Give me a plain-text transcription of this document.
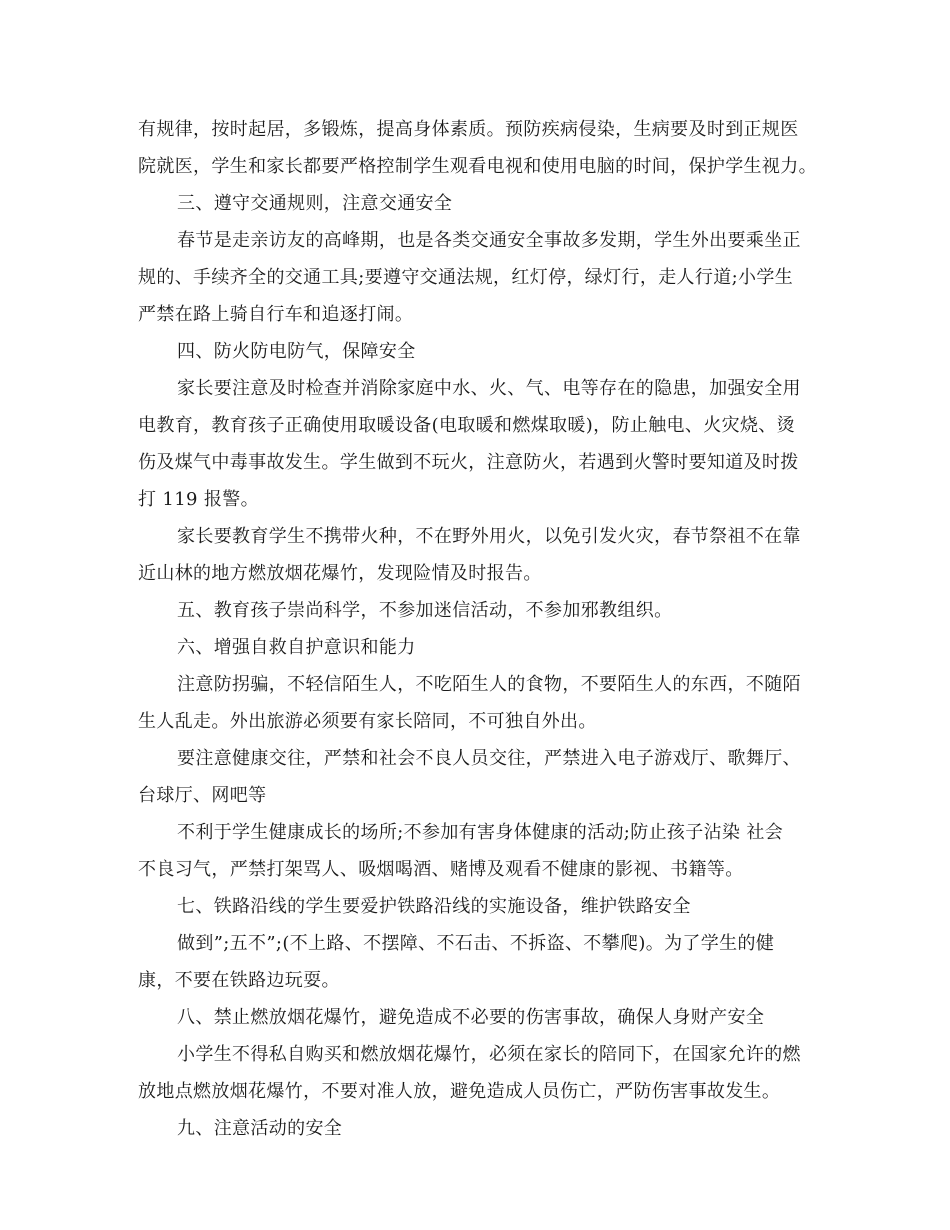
有规律，按时起居，多锻炼，提高身体素质。预防疾病侵染，生病要及时到正规医
院就医，学生和家长都要严格控制学生观看电视和使用电脑的时间，保护学生视力。
三、遵守交通规则，注意交通安全
春节是走亲访友的高峰期，也是各类交通安全事故多发期，学生外出要乘坐正
规的、手续齐全的交通工具;要遵守交通法规，红灯停，绿灯行，走人行道;小学生
严禁在路上骑自行车和追逐打闹。
四、防火防电防气，保障安全
家长要注意及时检查并消除家庭中水、火、气、电等存在的隐患，加强安全用
电教育，教育孩子正确使用取暖设备(电取暖和燃煤取暖)，防止触电、火灾烧、烫
伤及煤气中毒事故发生。学生做到不玩火，注意防火，若遇到火警时要知道及时拨
打 119 报警。
家长要教育学生不携带火种，不在野外用火，以免引发火灾，春节祭祖不在靠
近山林的地方燃放烟花爆竹，发现险情及时报告。
五、教育孩子崇尚科学，不参加迷信活动，不参加邪教组织。
六、增强自救自护意识和能力
注意防拐骗，不轻信陌生人，不吃陌生人的食物，不要陌生人的东西，不随陌
生人乱走。外出旅游必须要有家长陪同，不可独自外出。
要注意健康交往，严禁和社会不良人员交往，严禁进入电子游戏厅、歌舞厅、
台球厅、网吧等
不利于学生健康成长的场所;不参加有害身体健康的活动;防止孩子沾染 社会
不良习气，严禁打架骂人、吸烟喝酒、赌博及观看不健康的影视、书籍等。
七、铁路沿线的学生要爱护铁路沿线的实施设备，维护铁路安全
做到”;五不”;(不上路、不摆障、不石击、不拆盗、不攀爬)。为了学生的健
康，不要在铁路边玩耍。
八、禁止燃放烟花爆竹，避免造成不必要的伤害事故，确保人身财产安全
小学生不得私自购买和燃放烟花爆竹，必须在家长的陪同下，在国家允许的燃
放地点燃放烟花爆竹，不要对准人放，避免造成人员伤亡，严防伤害事故发生。
九、注意活动的安全
